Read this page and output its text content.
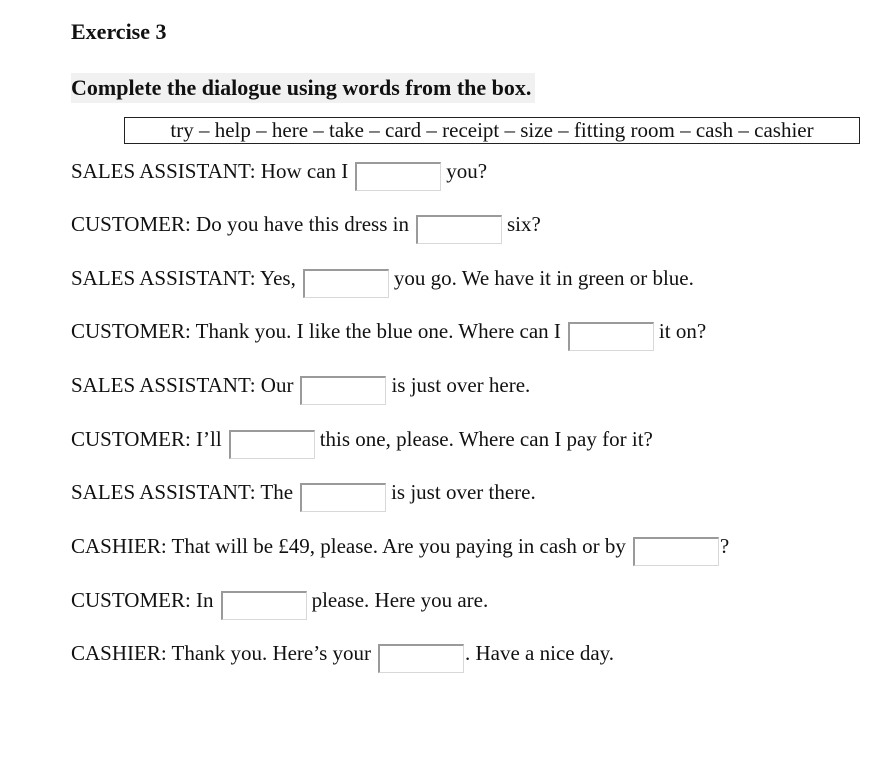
Exercise 3
Complete the dialogue using words from the box.
try – help – here – take – card – receipt – size – fitting room – cash – cashier
SALES ASSISTANT: How can I	you?
CUSTOMER: Do you have this dress in	six?
SALES ASSISTANT: Yes,	you go. We have it in green or blue.
CUSTOMER: Thank you. I like the blue one. Where can I	it on?
SALES ASSISTANT: Our	is just over here.
CUSTOMER: I’ll	this one, please. Where can I pay for it?
SALES ASSISTANT: The	is just over there.
CASHIER: That will be £49, please. Are you paying in cash or by	?
CUSTOMER: In	please. Here you are.
CASHIER: Thank you. Here’s your	. Have a nice day.
